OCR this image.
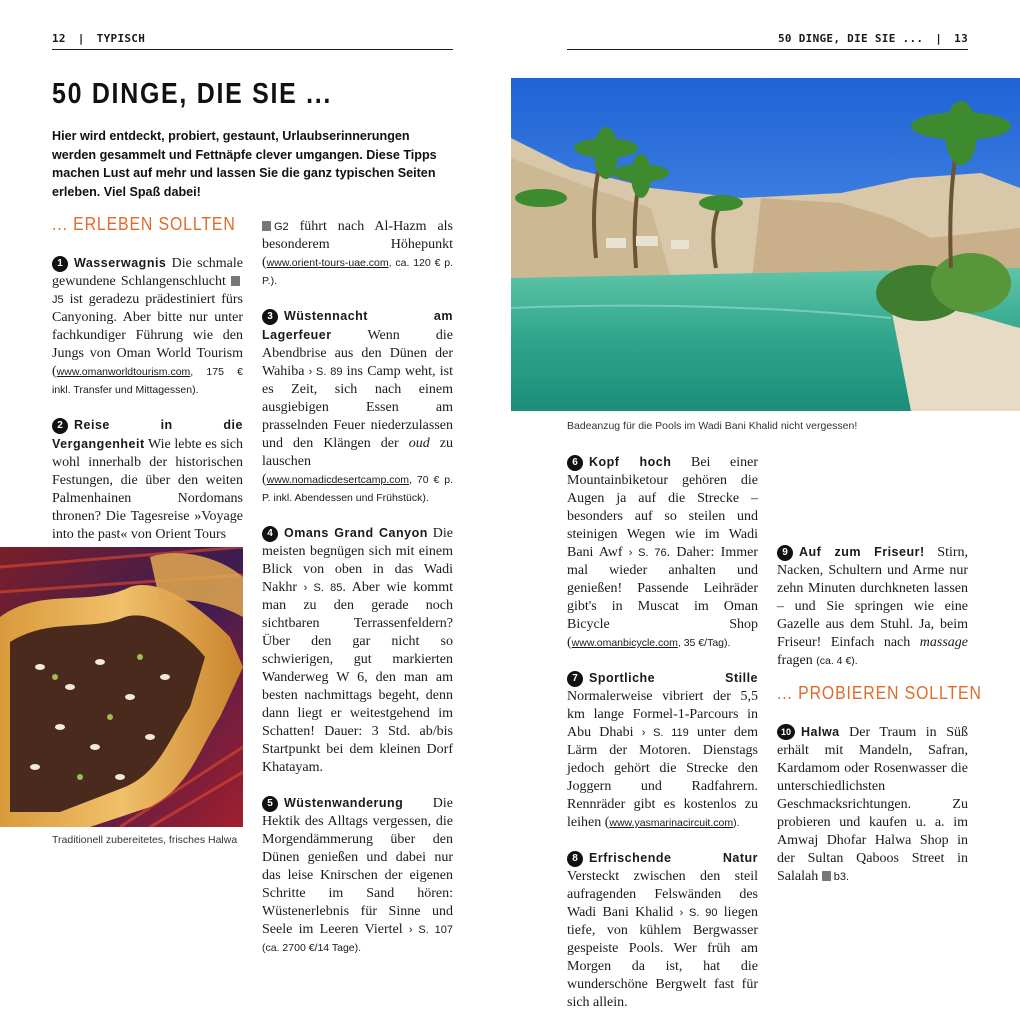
12 | TYPISCH	50 DINGE, DIE SIE ... | 13
50 DINGE, DIE SIE ...
Hier wird entdeckt, probiert, gestaunt, Urlaubserinnerungen werden gesammelt und Fettnäpfe clever umgangen. Diese Tipps machen Lust auf mehr und lassen Sie die ganz typischen Seiten erleben. Viel Spaß dabei!
... ERLEBEN SOLLTEN

1 Wasserwagnis Die schmale gewundene Schlangenschlucht J5 ist geradezu prädestiniert fürs Canyoning. Aber bitte nur unter fachkundiger Führung wie den Jungs von Oman World Tourism (www.omanworldtourism.com, 175 € inkl. Transfer und Mittagessen).

2 Reise in die Vergangenheit Wie lebte es sich wohl innerhalb der historischen Festungen, die über den weiten Palmenhainen Nordomans thronen? Die Tagesreise »Voyage into the past« von Orient Tours

Traditionell zubereitetes, frisches Halwa

G2 führt nach Al-Hazm als besonderem Höhepunkt (www.orient-tours-uae.com, ca. 120 € p. P.).

3 Wüstennacht am Lagerfeuer	Wenn die Abendbrise aus den Dünen der Wahiba › S. 89 ins Camp weht, ist es Zeit, sich nach einem ausgiebigen Essen am prasselnden Feuer niederzulassen und den Klängen der oud zu lauschen (www.nomadicdesertcamp.com, 70 € p. P. inkl. Abendessen und Frühstück).

4 Omans Grand Canyon Die meisten begnügen sich mit einem Blick von oben in das Wadi Nakhr › S. 85. Aber wie kommt man zu den gerade noch sichtbaren Terrassenfeldern? Über den gar nicht so schwierigen, gut markierten Wanderweg W 6, den man am besten nachmittags begeht, denn dann liegt er weitestgehend im Schatten! Dauer: 3 Std. ab/bis Startpunkt bei dem kleinen Dorf Khatayam.

5 Wüstenwanderung Die Hektik des Alltags vergessen, die Morgendämmerung über den Dünen genießen und dabei nur das leise Knirschen der eigenen Schritte im Sand hören: Wüstenerlebnis für Sinne und Seele im Leeren Viertel › S. 107 (ca. 2700 €/14 Tage).

Badeanzug für die Pools im Wadi Bani Khalid nicht vergessen!

6 Kopf hoch Bei einer Mountainbiketour gehören die Augen ja auf die Strecke – besonders auf so steilen und steinigen Wegen wie im Wadi Bani Awf › S. 76. Daher: Immer mal wieder anhalten und genießen! Passende Leihräder gibt's in Muscat im Oman Bicycle Shop (www.omanbicycle.com, 35 €/Tag).

7 Sportliche Stille Normalerweise vibriert der 5,5 km lange Formel-1-Parcours in Abu Dhabi › S. 119 unter dem Lärm der Motoren. Dienstags jedoch gehört die Strecke den Joggern und Radfahrern. Rennräder gibt es kostenlos zu leihen (www.yasmarinacircuit.com).

8 Erfrischende Natur Versteckt zwischen den steil aufragenden Felswänden des Wadi Bani Khalid › S. 90 liegen tiefe, von kühlem Bergwasser gespeiste Pools. Wer früh am Morgen da ist, hat die wunderschöne Bergwelt fast für sich allein.

9 Auf zum Friseur! Stirn, Nacken, Schultern und Arme nur zehn Minuten durchkneten lassen – und Sie springen wie eine Gazelle aus dem Stuhl. Ja, beim Friseur! Einfach nach massage fragen (ca. 4 €).

... PROBIEREN SOLLTEN

10 Halwa Der Traum in Süß erhält mit Mandeln, Safran, Kardamom oder Rosenwasser die unterschiedlichsten Geschmacksrichtungen. Zu probieren und kaufen u. a. im Amwaj Dhofar Halwa Shop in der Sultan Qaboos Street in Salalah b3.
